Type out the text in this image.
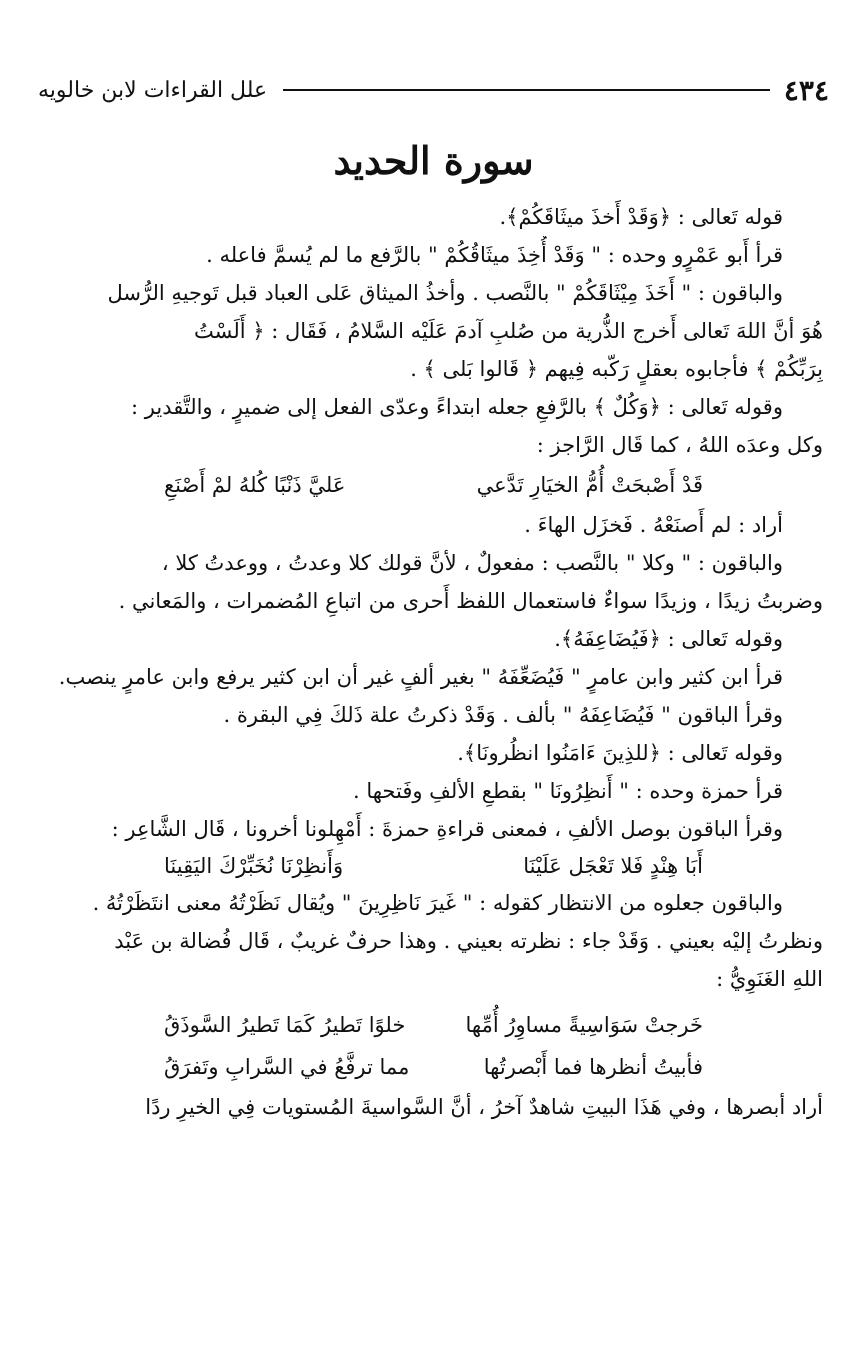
٤٣٤
علل القراءات لابن خالويه
سورة الحديد
قوله تَعالى : ﴿وَقَدْ أَخذَ ميثَاقَكُمْ﴾.
قرأ أَبو عَمْرٍو وحده : " وَقَدْ أُخِذَ ميثَاقُكُمْ " بالرَّفع ما لم يُسمَّ فاعله .
والباقون : " أَخَذَ مِيْثَاقَكُمْ " بالنَّصب . وأخذُ الميثاق عَلى العباد قبل تَوجيهِ الرُّسل
هُوَ أنَّ اللهَ تَعالى أَخرج الذُّرية من صُلبِ آدمَ عَلَيْه السَّلامُ ، فَقَال : ﴿ أَلَسْتُ
بِرَبِّكُمْ ﴾ فأجابوه بعقلٍ رَكّبه فِيهم ﴿ قَالوا بَلى ﴾ .
وقوله تَعالى : ﴿وَكُلٌ ﴾ بالرَّفعِ جعله ابتداءً وعدّى الفعل إلى ضميرٍ ، والتَّقدير :
وكل وعدَه اللهُ ، كما قَال الرَّاجز :
قَدْ أَصْبحَتْ أُمُّ الخيَارِ تَدَّعي
عَليَّ ذَنْبًا كُلهُ لمْ أَصْنَعِ
أراد : لم أَصنَعْهُ . فَخزَل الهاءَ .
والباقون : " وكلا " بالنَّصب : مفعولٌ ، لأنَّ قولك كلا وعدتُ ، ووعدتُ كلا ،
وضربتُ زيدًا ، وزيدًا سواءٌ فاستعمال اللفظ أَحرى من اتباعِ المُضمرات ، والمَعاني .
وقوله تَعالى : ﴿فَيُضَاعِفَهُ﴾.
قرأ ابن كثير وابن عامرٍ " فَيُضَعِّفَهُ " بغير ألفٍ غير أن ابن كثير يرفع وابن عامرٍ ينصب.
وقرأ الباقون " فَيُضَاعِفَهُ " بألف . وَقَدْ ذكرتُ علة ذَلكَ فِي البقرة .
وقوله تَعالى : ﴿للذِينَ ءَامَنُوا انظُرونَا﴾.
قرأ حمزة وحده : " أَنظِرُونَا " بقطعِ الألفِ وفَتحها .
وقرأ الباقون بوصل الألفِ ، فمعنى قراءةِ حمزةَ : أَمْهِلونا أخرونا ، قَال الشَّاعِر :
أَبَا هِنْدٍ فَلا تَعْجَل عَلَيْنَا
وَأَنظِرْنَا نُخَبِّرْكَ اليَقِينَا
والباقون جعلوه من الانتظار كقوله : " غَيرَ نَاظِرِينَ " ويُقال نَظَرْتُهُ معنى انتَظَرْتُهُ .
ونظرتُ إليْه بعيني . وَقَدْ جاء : نظرته بعيني . وهذا حرفٌ غريبٌ ، قَال فُضالة بن عَبْد
اللهِ الغَنَوِيُّ :
خَرجتْ سَوَاسِيةً مساوِرُ أُمِّها
خلوًا تَطيرُ كَمَا تَطيرُ السَّوذَقُ
فأبيتُ أنظرها فما أَبْصرتُها
مما ترفَّعُ في السَّرابِ وتَفرَقُ
أراد أبصرها ، وفي هَذَا البيتِ شاهدٌ آخرُ ، أنَّ السَّواسيةَ المُستويات فِي الخيرِ ردًا
